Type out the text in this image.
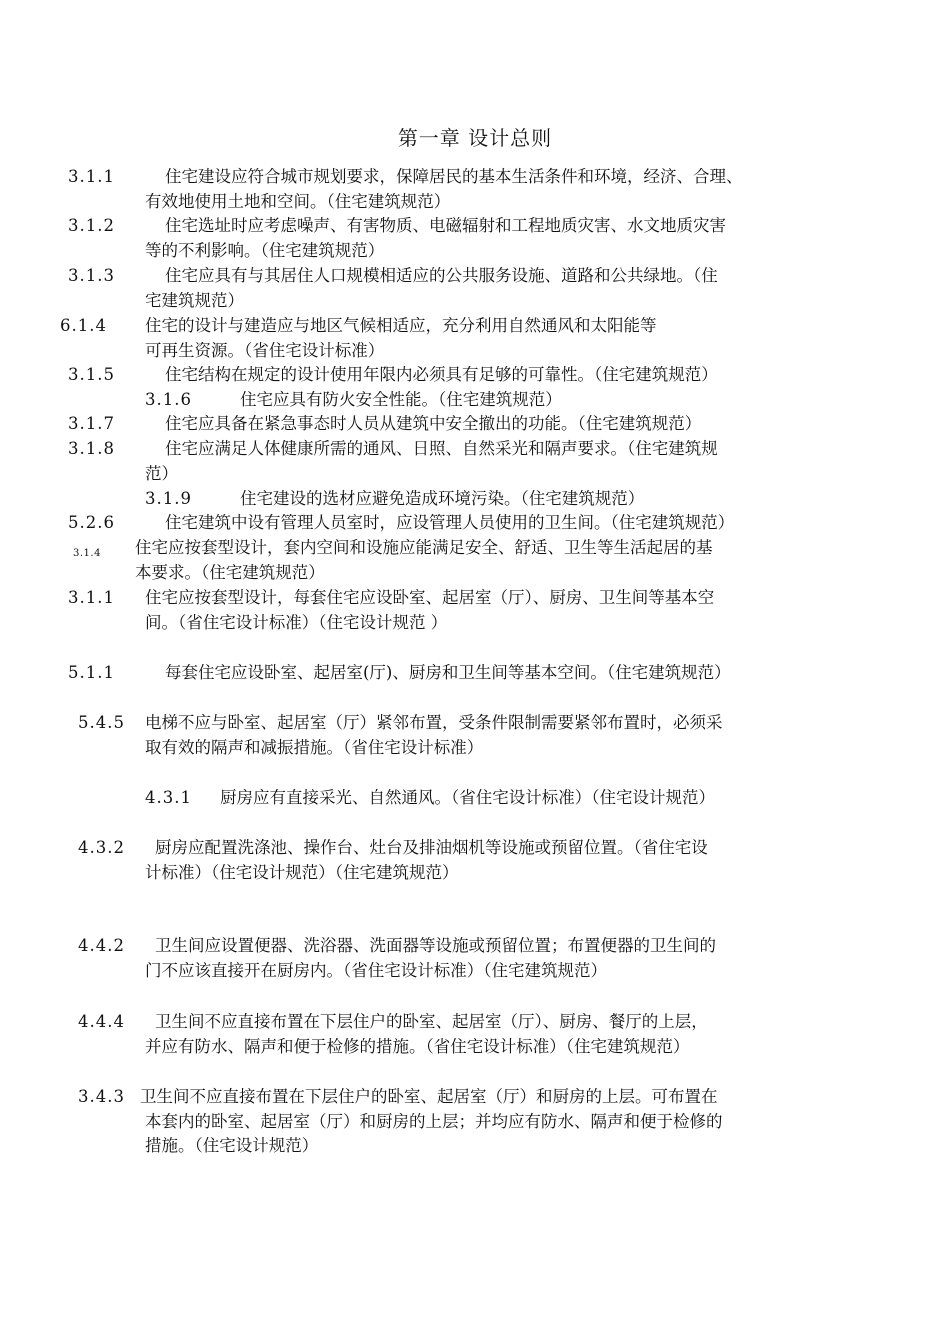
第一章 设计总则
3.1.1	住宅建设应符合城市规划要求，保障居民的基本生活条件和环境，经济、合理、
有效地使用土地和空间。（住宅建筑规范）
3.1.2	住宅选址时应考虑噪声、有害物质、电磁辐射和工程地质灾害、水文地质灾害
等的不利影响。（住宅建筑规范）
3.1.3	住宅应具有与其居住人口规模相适应的公共服务设施、道路和公共绿地。（住
宅建筑规范）
6.1.4 住宅的设计与建造应与地区气候相适应，充分利用自然通风和太阳能等
可再生资源。（省住宅设计标准）
3.1.5	住宅结构在规定的设计使用年限内必须具有足够的可靠性。（住宅建筑规范）
3.1.6	住宅应具有防火安全性能。（住宅建筑规范）
3.1.7	住宅应具备在紧急事态时人员从建筑中安全撤出的功能。（住宅建筑规范）
3.1.8	住宅应满足人体健康所需的通风、日照、自然采光和隔声要求。（住宅建筑规
范）
3.1.9	住宅建设的选材应避免造成环境污染。（住宅建筑规范）
5.2.6	住宅建筑中设有管理人员室时，应设管理人员使用的卫生间。（住宅建筑规范）
3.1.4 住宅应按套型设计，套内空间和设施应能满足安全、舒适、卫生等生活起居的基
本要求。（住宅建筑规范）
3.1.1 住宅应按套型设计，每套住宅应设卧室、起居室（厅）、厨房、卫生间等基本空
间。（省住宅设计标准）（住宅设计规范 ）
5.1.1	每套住宅应设卧室、起居室(厅)、厨房和卫生间等基本空间。（住宅建筑规范）
5.4.5 电梯不应与卧室、起居室（厅）紧邻布置，受条件限制需要紧邻布置时，必须采
取有效的隔声和减振措施。（省住宅设计标准）
4.3.1 厨房应有直接采光、自然通风。（省住宅设计标准）（住宅设计规范）
4.3.2 厨房应配置洗涤池、操作台、灶台及排油烟机等设施或预留位置。（省住宅设
计标准）（住宅设计规范）（住宅建筑规范）
4.4.2 卫生间应设置便器、洗浴器、洗面器等设施或预留位置；布置便器的卫生间的
门不应该直接开在厨房内。（省住宅设计标准）（住宅建筑规范）
4.4.4 卫生间不应直接布置在下层住户的卧室、起居室（厅）、厨房、餐厅的上层，
并应有防水、隔声和便于检修的措施。（省住宅设计标准）（住宅建筑规范）
3.4.3 卫生间不应直接布置在下层住户的卧室、起居室（厅）和厨房的上层。可布置在
本套内的卧室、起居室（厅）和厨房的上层；并均应有防水、隔声和便于检修的
措施。（住宅设计规范）
